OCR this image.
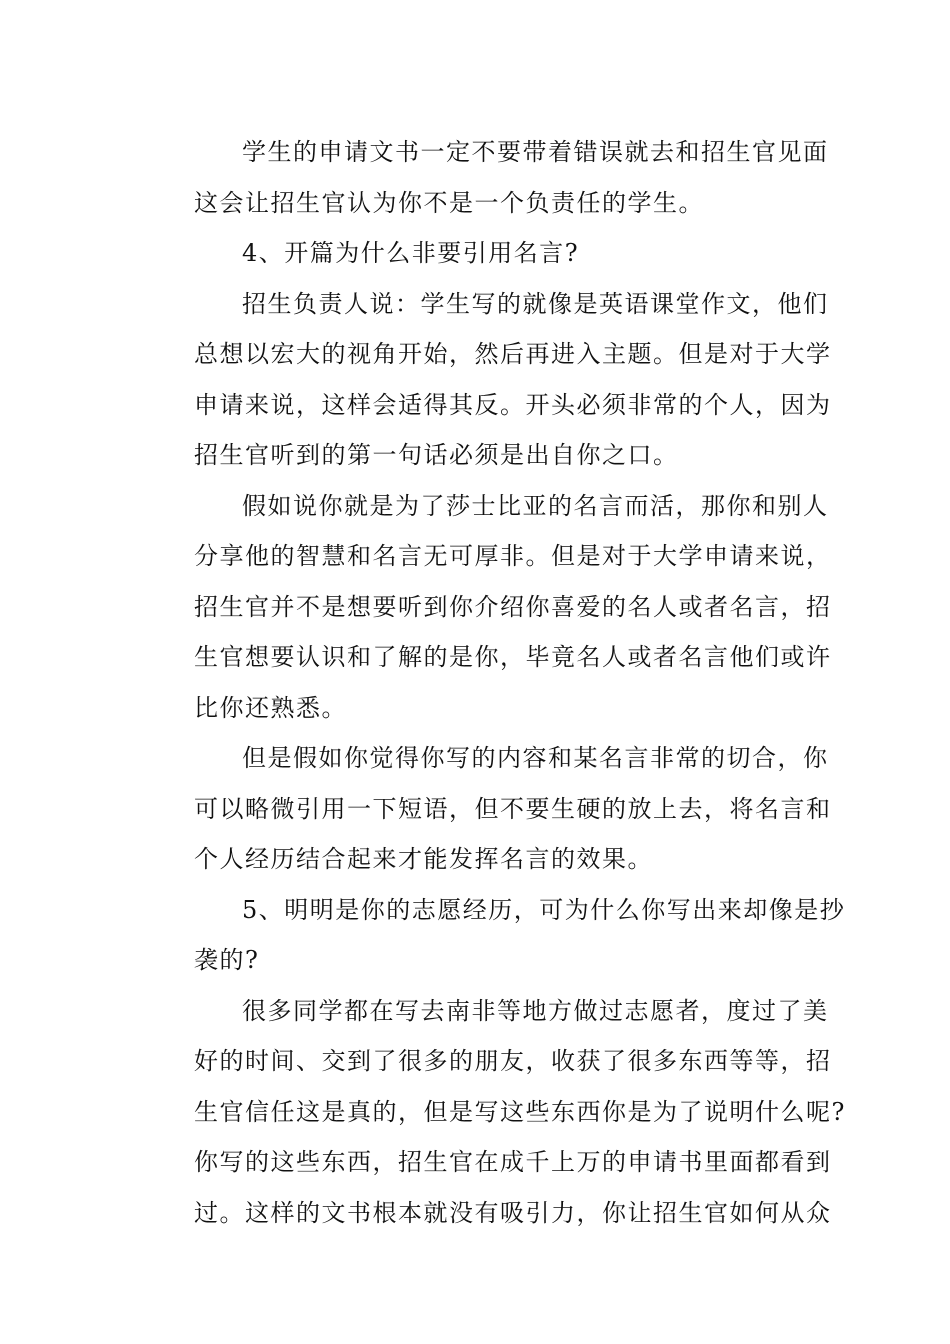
学生的申请文书一定不要带着错误就去和招生官见面
这会让招生官认为你不是一个负责任的学生。

4、开篇为什么非要引用名言?

招生负责人说：学生写的就像是英语课堂作文，他们
总想以宏大的视角开始，然后再进入主题。但是对于大学
申请来说，这样会适得其反。开头必须非常的个人，因为
招生官听到的第一句话必须是出自你之口。

假如说你就是为了莎士比亚的名言而活，那你和别人
分享他的智慧和名言无可厚非。但是对于大学申请来说，
招生官并不是想要听到你介绍你喜爱的名人或者名言，招
生官想要认识和了解的是你，毕竟名人或者名言他们或许
比你还熟悉。

但是假如你觉得你写的内容和某名言非常的切合，你
可以略微引用一下短语，但不要生硬的放上去，将名言和
个人经历结合起来才能发挥名言的效果。

5、明明是你的志愿经历，可为什么你写出来却像是抄
袭的?

很多同学都在写去南非等地方做过志愿者，度过了美
好的时间、交到了很多的朋友，收获了很多东西等等，招
生官信任这是真的，但是写这些东西你是为了说明什么呢?
你写的这些东西，招生官在成千上万的申请书里面都看到
过。这样的文书根本就没有吸引力，你让招生官如何从众
